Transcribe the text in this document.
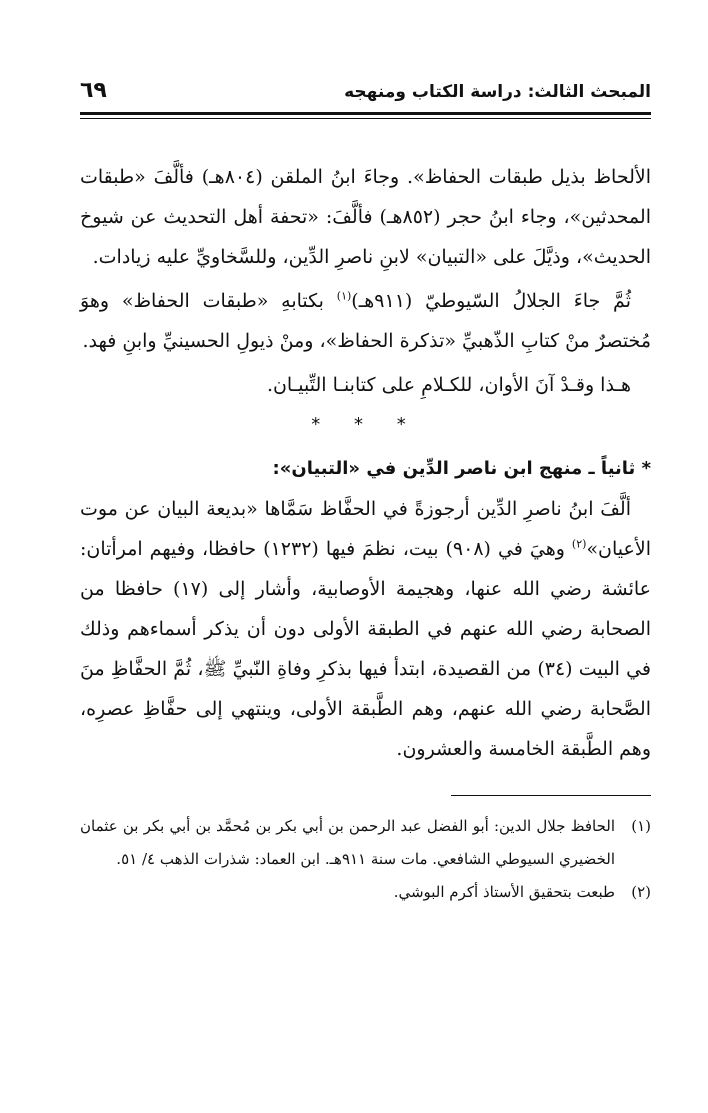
المبحث الثالث: دراسة الكتاب ومنهجه
٦٩

الألحاظ بذيل طبقات الحفاظ». وجاءَ ابنُ الملقن (٨٠٤هـ) فألَّفَ «طبقات المحدثين»، وجاء ابنُ حجر (٨٥٢هـ) فألَّفَ: «تحفة أهل التحديث عن شيوخ الحديث»، وذيَّلَ على «التبيان» لابنِ ناصرِ الدِّين، وللسَّخاويِّ عليه زيادات.

ثُمَّ جاءَ الجلالُ السّيوطيّ (٩١١هـ)$^{(١)}$ بكتابهِ «طبقات الحفاظ» وهوَ مُختصرٌ منْ كتابِ الذّهبيِّ «تذكرة الحفاظ»، ومنْ ذيولِ الحسينيِّ وابنِ فهد.

هـذا وقـدْ آنَ الأوان، للكـلامِ على كتابنـا التِّبيـان.

* * *
* ثانياً ـ منهج ابن ناصر الدِّين في «التبيان»:

ألَّفَ ابنُ ناصرِ الدِّين أرجوزةً في الحفَّاظ سَمَّاها «بديعة البيان عن موت الأعيان»$^{(٢)}$ وهيَ في (٩٠٨) بيت، نظمَ فيها (١٢٣٢) حافظا، وفيهم امرأتان: عائشة رضي الله عنها، وهجيمة الأوصابية، وأشار إلى (١٧) حافظا من الصحابة رضي الله عنهم في الطبقة الأولى دون أن يذكر أسماءهم وذلك في البيت (٣٤) من القصيدة، ابتدأ فيها بذكرِ وفاةِ النّبيِّ ﷺ، ثُمَّ الحفَّاظِ منَ الصَّحابة رضي الله عنهم، وهم الطَّبقة الأولى، وينتهي إلى حفَّاظِ عصرِه، وهم الطَّبقة الخامسة والعشرون.

(١)
الحافظ جلال الدين: أبو الفضل عبد الرحمن بن أبي بكر بن مُحمَّد بن أبي بكر بن عثمان الخضيري السيوطي الشافعي. مات سنة ٩١١هـ. ابن العماد: شذرات الذهب ٤/ ٥١.
(٢)
طبعت بتحقيق الأستاذ أكرم البوشي.
